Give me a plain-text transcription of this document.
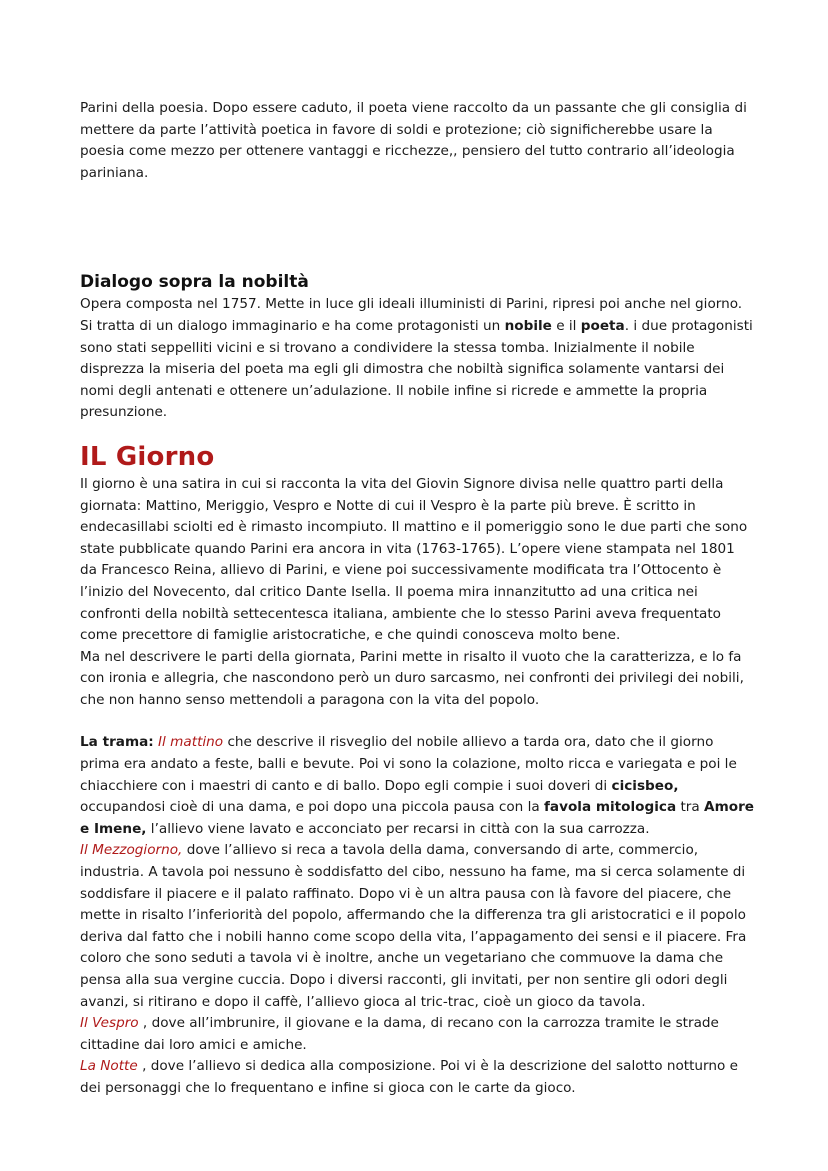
Parini della poesia. Dopo essere caduto, il poeta viene raccolto da un passante che gli consiglia di mettere da parte l’attività poetica in favore di soldi e protezione; ciò significherebbe usare la poesia come mezzo per ottenere vantaggi e ricchezze,, pensiero del tutto contrario all’ideologia pariniana.

Dialogo sopra la nobiltà

Opera composta nel 1757. Mette in luce gli ideali illuministi di Parini, ripresi poi anche nel giorno. Si tratta di un dialogo immaginario e ha come protagonisti un nobile e il poeta. i due protagonisti sono stati seppelliti vicini e si trovano a condividere la stessa tomba. Inizialmente il nobile disprezza la miseria del poeta ma egli gli dimostra che nobiltà significa solamente vantarsi dei nomi degli antenati e ottenere un’adulazione. Il nobile infine si ricrede e ammette la propria presunzione.

IL Giorno

Il giorno è una satira in cui si racconta la vita del Giovin Signore divisa nelle quattro parti della giornata: Mattino, Meriggio, Vespro e Notte di cui il Vespro è la parte più breve. È scritto in endecasillabi sciolti ed è rimasto incompiuto. Il mattino e il pomeriggio sono le due parti che sono state pubblicate quando Parini era ancora in vita (1763-1765). L’opere viene stampata nel 1801 da Francesco Reina, allievo di Parini, e viene poi successivamente modificata tra l’Ottocento è l’inizio del Novecento, dal critico Dante Isella. Il poema mira innanzitutto ad una critica nei confronti della nobiltà settecentesca italiana, ambiente che lo stesso Parini aveva frequentato come precettore di famiglie aristocratiche, e che quindi conosceva molto bene.

Ma nel descrivere le parti della giornata, Parini mette in risalto il vuoto che la caratterizza, e lo fa con ironia e allegria, che nascondono però un duro sarcasmo, nei confronti dei privilegi dei nobili, che non hanno senso mettendoli a paragona con la vita del popolo.

La trama: Il mattino che descrive il risveglio del nobile allievo a tarda ora, dato che il giorno prima era andato a feste, balli e bevute. Poi vi sono la colazione, molto ricca e variegata e poi le chiacchiere con i maestri di canto e di ballo. Dopo egli compie i suoi doveri di cicisbeo, occupandosi cioè di una dama, e poi dopo una piccola pausa con la favola mitologica tra Amore e Imene, l’allievo viene lavato e acconciato per recarsi in città con la sua carrozza.

Il Mezzogiorno, dove l’allievo si reca a tavola della dama, conversando di arte, commercio, industria. A tavola poi nessuno è soddisfatto del cibo, nessuno ha fame, ma si cerca solamente di soddisfare il piacere e il palato raffinato. Dopo vi è un altra pausa con là favore del piacere, che mette in risalto l’inferiorità del popolo, affermando che la differenza tra gli aristocratici e il popolo deriva dal fatto che i nobili hanno come scopo della vita, l’appagamento dei sensi e il piacere. Fra coloro che sono seduti a tavola vi è inoltre, anche un vegetariano che commuove la dama che pensa alla sua vergine cuccia. Dopo i diversi racconti, gli invitati, per non sentire gli odori degli avanzi, si ritirano e dopo il caffè, l’allievo gioca al tric-trac, cioè un gioco da tavola.

Il Vespro , dove all’imbrunire, il giovane e la dama, di recano con la carrozza tramite le strade cittadine dai loro amici e amiche.

La Notte , dove l’allievo si dedica alla composizione. Poi vi è la descrizione del salotto notturno e dei personaggi che lo frequentano e infine si gioca con le carte da gioco.
